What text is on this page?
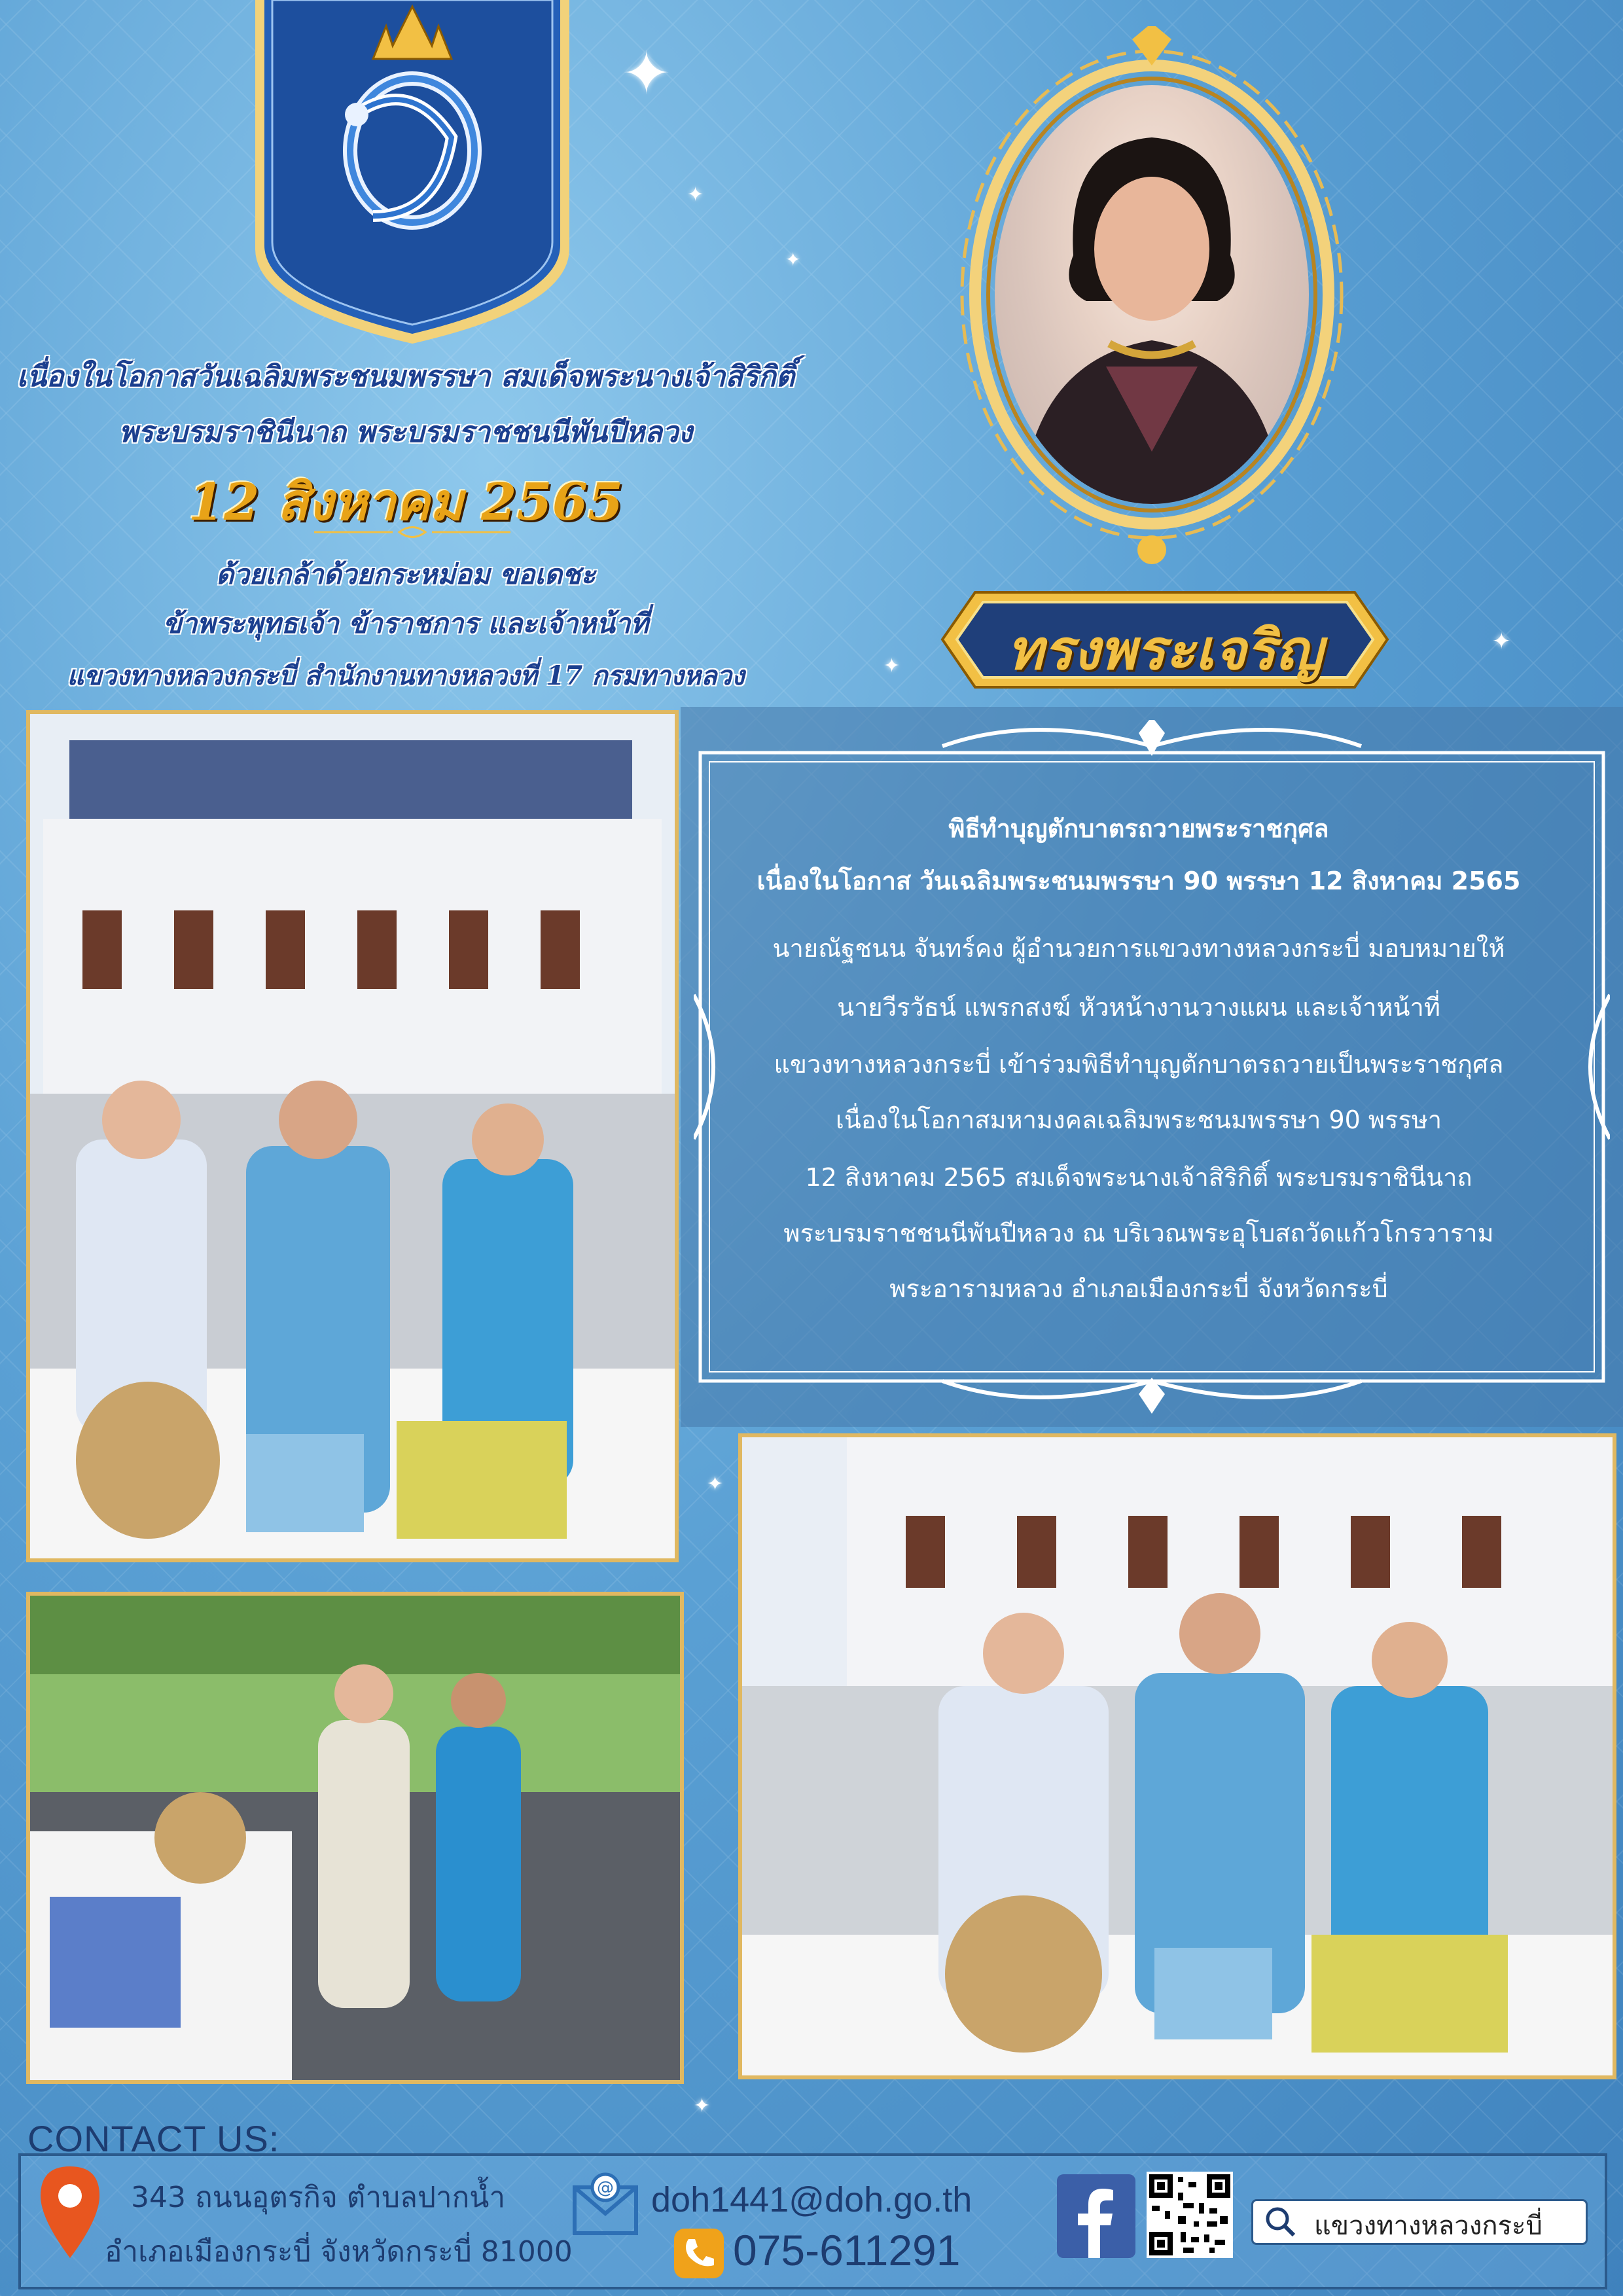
✦
✦
✦
✦
✦
✦
✦
เนื่องในโอกาสวันเฉลิมพระชนมพรรษา สมเด็จพระนางเจ้าสิริกิติ์
พระบรมราชินีนาถ พระบรมราชชนนีพันปีหลวง
12 สิงหาคม 2565
ด้วยเกล้าด้วยกระหม่อม ขอเดชะ
ข้าพระพุทธเจ้า ข้าราชการ และเจ้าหน้าที่
แขวงทางหลวงกระบี่ สำนักงานทางหลวงที่ 17 กรมทางหลวง	ทรงพระเจริญ
พิธีทำบุญตักบาตรถวายพระราชกุศล
เนื่องในโอกาส วันเฉลิมพระชนมพรรษา 90 พรรษา 12 สิงหาคม 2565
นายณัฐชนน จันทร์คง ผู้อำนวยการแขวงทางหลวงกระบี่ มอบหมายให้
นายวีรวัธน์ แพรกสงฆ์ หัวหน้างานวางแผน และเจ้าหน้าที่
แขวงทางหลวงกระบี่ เข้าร่วมพิธีทำบุญตักบาตรถวายเป็นพระราชกุศล
เนื่องในโอกาสมหามงคลเฉลิมพระชนมพรรษา 90 พรรษา
12 สิงหาคม 2565 สมเด็จพระนางเจ้าสิริกิติ์ พระบรมราชินีนาถ
พระบรมราชชนนีพันปีหลวง ณ บริเวณพระอุโบสถวัดแก้วโกรวาราม
พระอารามหลวง อำเภอเมืองกระบี่ จังหวัดกระบี่
CONTACT US:
343 ถนนอุตรกิจ ตำบลปากน้ำ
อำเภอเมืองกระบี่ จังหวัดกระบี่ 81000
@ doh1441@doh.go.th
075-611291	แขวงทางหลวงกระบี่
